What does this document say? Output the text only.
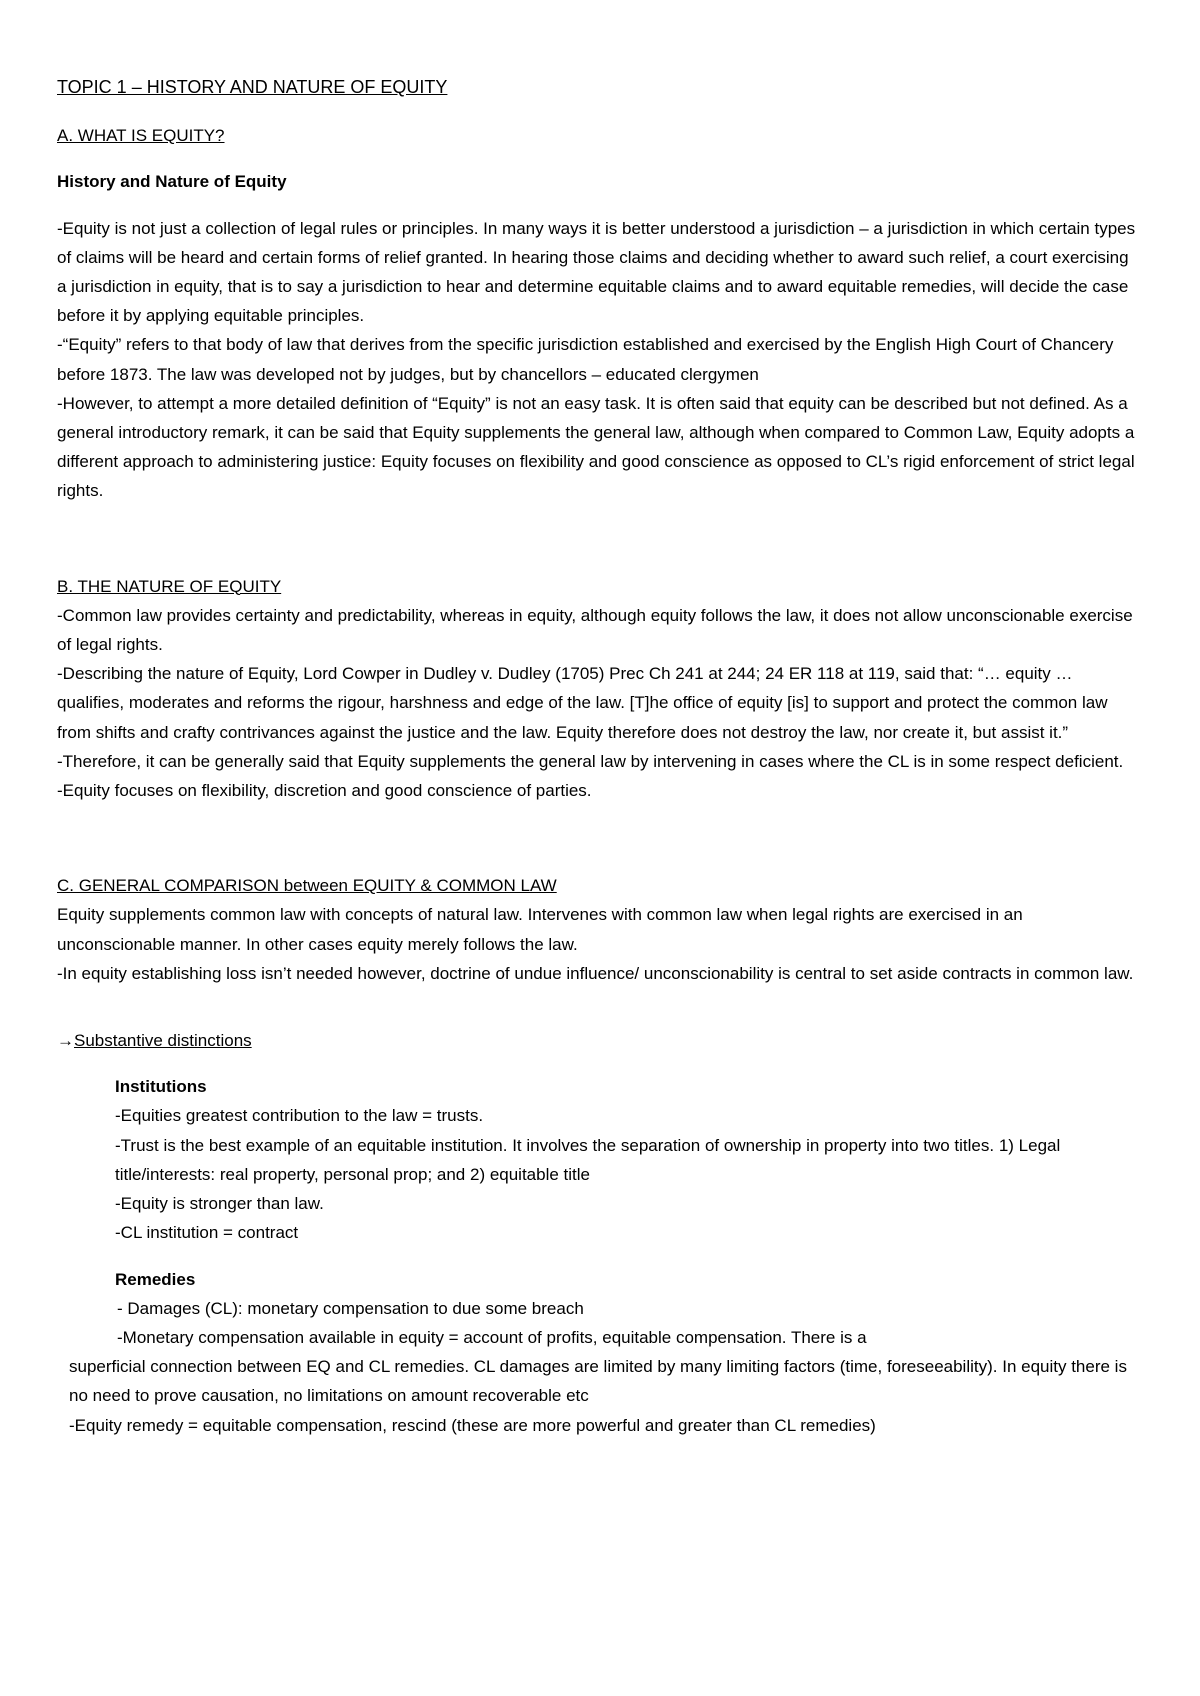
TOPIC 1 – HISTORY AND NATURE OF EQUITY

A. WHAT IS EQUITY?

History and Nature of Equity

-Equity is not just a collection of legal rules or principles. In many ways it is better understood a jurisdiction – a jurisdiction in which certain types of claims will be heard and certain forms of relief granted. In hearing those claims and deciding whether to award such relief, a court exercising a jurisdiction in equity, that is to say a jurisdiction to hear and determine equitable claims and to award equitable remedies, will decide the case before it by applying equitable principles.

-“Equity” refers to that body of law that derives from the specific jurisdiction established and exercised by the English High Court of Chancery before 1873. The law was developed not by judges, but by chancellors – educated clergymen

-However, to attempt a more detailed definition of “Equity” is not an easy task. It is often said that equity can be described but not defined. As a general introductory remark, it can be said that Equity supplements the general law, although when compared to Common Law, Equity adopts a different approach to administering justice: Equity focuses on flexibility and good conscience as opposed to CL’s rigid enforcement of strict legal rights.

B. THE NATURE OF EQUITY

-Common law provides certainty and predictability, whereas in equity, although equity follows the law, it does not allow unconscionable exercise of legal rights.

-Describing the nature of Equity, Lord Cowper in Dudley v. Dudley (1705) Prec Ch 241 at 244; 24 ER 118 at 119, said that: “… equity … qualifies, moderates and reforms the rigour, harshness and edge of the law. [T]he office of equity [is] to support and protect the common law from shifts and crafty contrivances against the justice and the law. Equity therefore does not destroy the law, nor create it, but assist it.”

-Therefore, it can be generally said that Equity supplements the general law by intervening in cases where the CL is in some respect deficient.

-Equity focuses on flexibility, discretion and good conscience of parties.

C. GENERAL COMPARISON between EQUITY & COMMON LAW

Equity supplements common law with concepts of natural law. Intervenes with common law when legal rights are exercised in an unconscionable manner. In other cases equity merely follows the law.

-In equity establishing loss isn’t needed however, doctrine of undue influence/ unconscionability is central to set aside contracts in common law.

→Substantive distinctions

Institutions

-Equities greatest contribution to the law = trusts.

-Trust is the best example of an equitable institution. It involves the separation of ownership in property into two titles. 1) Legal title/interests: real property, personal prop; and 2) equitable title

-Equity is stronger than law.

-CL institution = contract

Remedies

- Damages (CL): monetary compensation to due some breach

-Monetary compensation available in equity = account of profits, equitable compensation. There is a

superficial connection between EQ and CL remedies. CL damages are limited by many limiting factors (time, foreseeability). In equity there is no need to prove causation, no limitations on amount recoverable etc

-Equity remedy = equitable compensation, rescind (these are more powerful and greater than CL remedies)
